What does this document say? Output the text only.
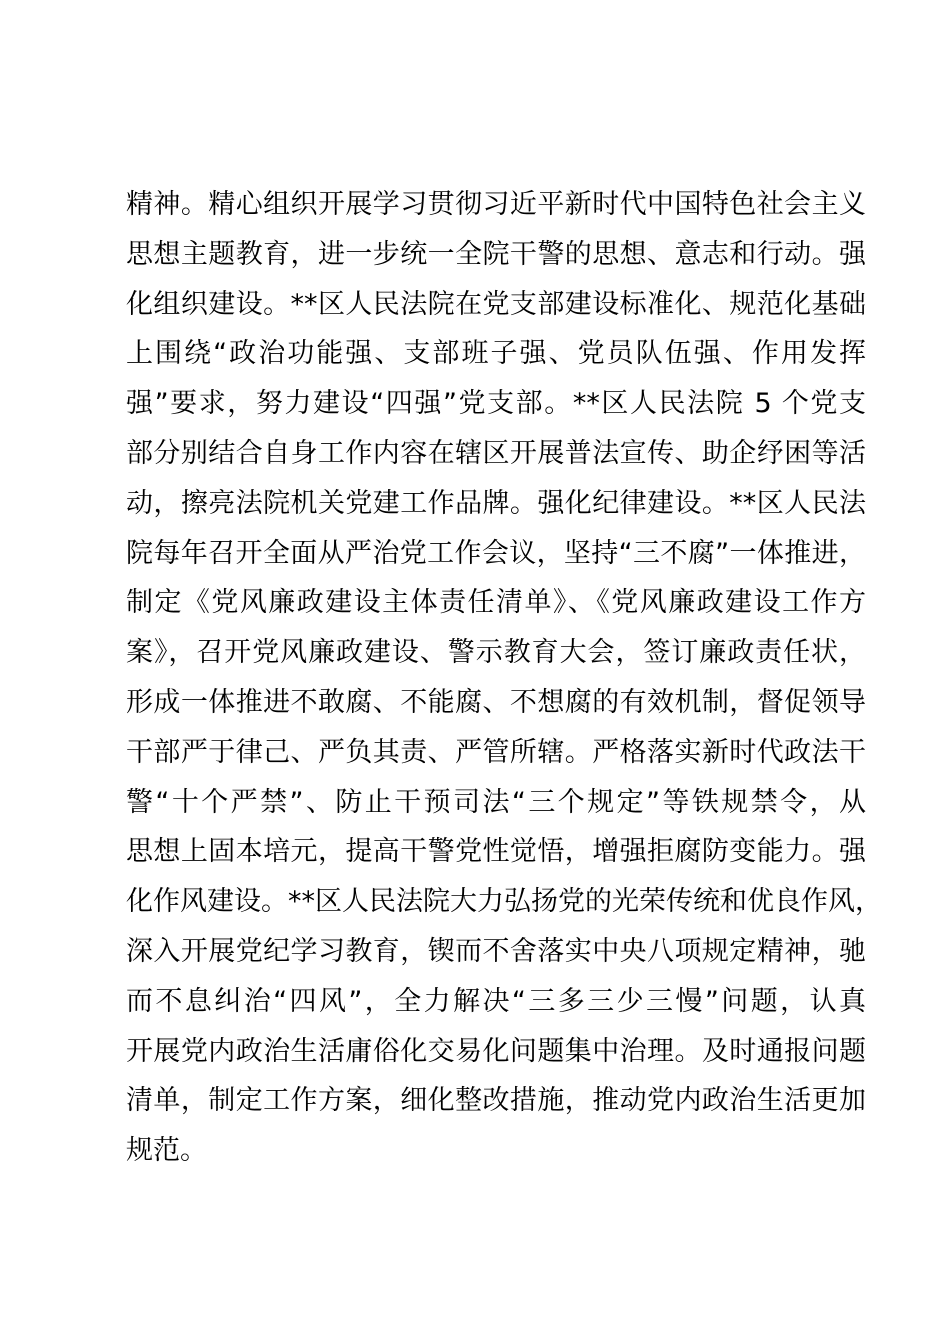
精神。精心组织开展学习贯彻习近平新时代中国特色社会主义
思想主题教育，进一步统一全院干警的思想、意志和行动。强
化组织建设。**区人民法院在党支部建设标准化、规范化基础
上围绕“政治功能强、支部班子强、党员队伍强、作用发挥
强”要求，努力建设“四强”党支部。**区人民法院 5 个党支
部分别结合自身工作内容在辖区开展普法宣传、助企纾困等活
动，擦亮法院机关党建工作品牌。强化纪律建设。**区人民法
院每年召开全面从严治党工作会议，坚持“三不腐”一体推进，
制定《党风廉政建设主体责任清单》、《党风廉政建设工作方
案》，召开党风廉政建设、警示教育大会，签订廉政责任状，
形成一体推进不敢腐、不能腐、不想腐的有效机制，督促领导
干部严于律己、严负其责、严管所辖。严格落实新时代政法干
警“十个严禁”、防止干预司法“三个规定”等铁规禁令，从
思想上固本培元，提高干警党性觉悟，增强拒腐防变能力。强
化作风建设。**区人民法院大力弘扬党的光荣传统和优良作风，
深入开展党纪学习教育，锲而不舍落实中央八项规定精神，驰
而不息纠治“四风”，全力解决“三多三少三慢”问题，认真
开展党内政治生活庸俗化交易化问题集中治理。及时通报问题
清单，制定工作方案，细化整改措施，推动党内政治生活更加
规范。
